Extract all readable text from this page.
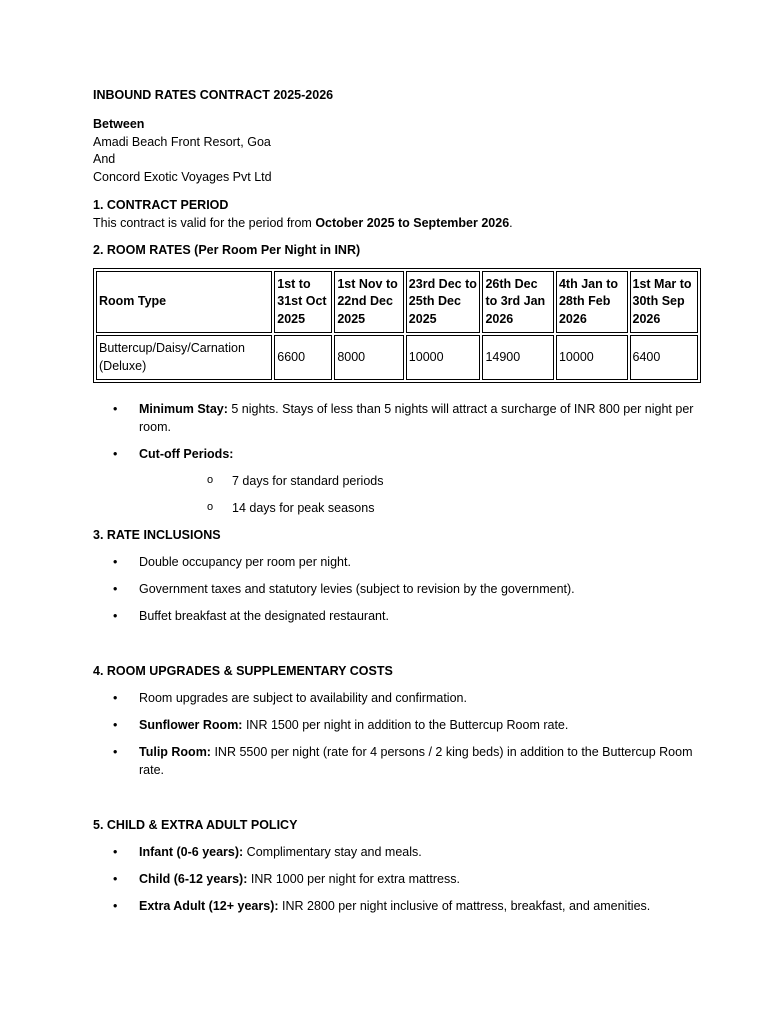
INBOUND RATES CONTRACT 2025-2026

Between

Amadi Beach Front Resort, Goa

And

Concord Exotic Voyages Pvt Ltd

1. CONTRACT PERIOD

This contract is valid for the period from October 2025 to September 2026.

2. ROOM RATES (Per Room Per Night in INR)

Room Type	1st to 31st Oct 2025	1st Nov to 22nd Dec 2025	23rd Dec to 25th Dec 2025	26th Dec to 3rd Jan 2026	4th Jan to 28th Feb 2026	1st Mar to 30th Sep 2026
Buttercup/Daisy/Carnation (Deluxe)	6600	8000	10000	14900	10000	6400
• Minimum Stay: 5 nights. Stays of less than 5 nights will attract a surcharge of INR 800 per night per room.
• Cut-off Periods:
o 7 days for standard periods
o 14 days for peak seasons

3. RATE INCLUSIONS

• Double occupancy per room per night.
• Government taxes and statutory levies (subject to revision by the government).
• Buffet breakfast at the designated restaurant.

4. ROOM UPGRADES & SUPPLEMENTARY COSTS

• Room upgrades are subject to availability and confirmation.
• Sunflower Room: INR 1500 per night in addition to the Buttercup Room rate.
• Tulip Room: INR 5500 per night (rate for 4 persons / 2 king beds) in addition to the Buttercup Room rate.

5. CHILD & EXTRA ADULT POLICY

• Infant (0-6 years): Complimentary stay and meals.
• Child (6-12 years): INR 1000 per night for extra mattress.
• Extra Adult (12+ years): INR 2800 per night inclusive of mattress, breakfast, and amenities.
